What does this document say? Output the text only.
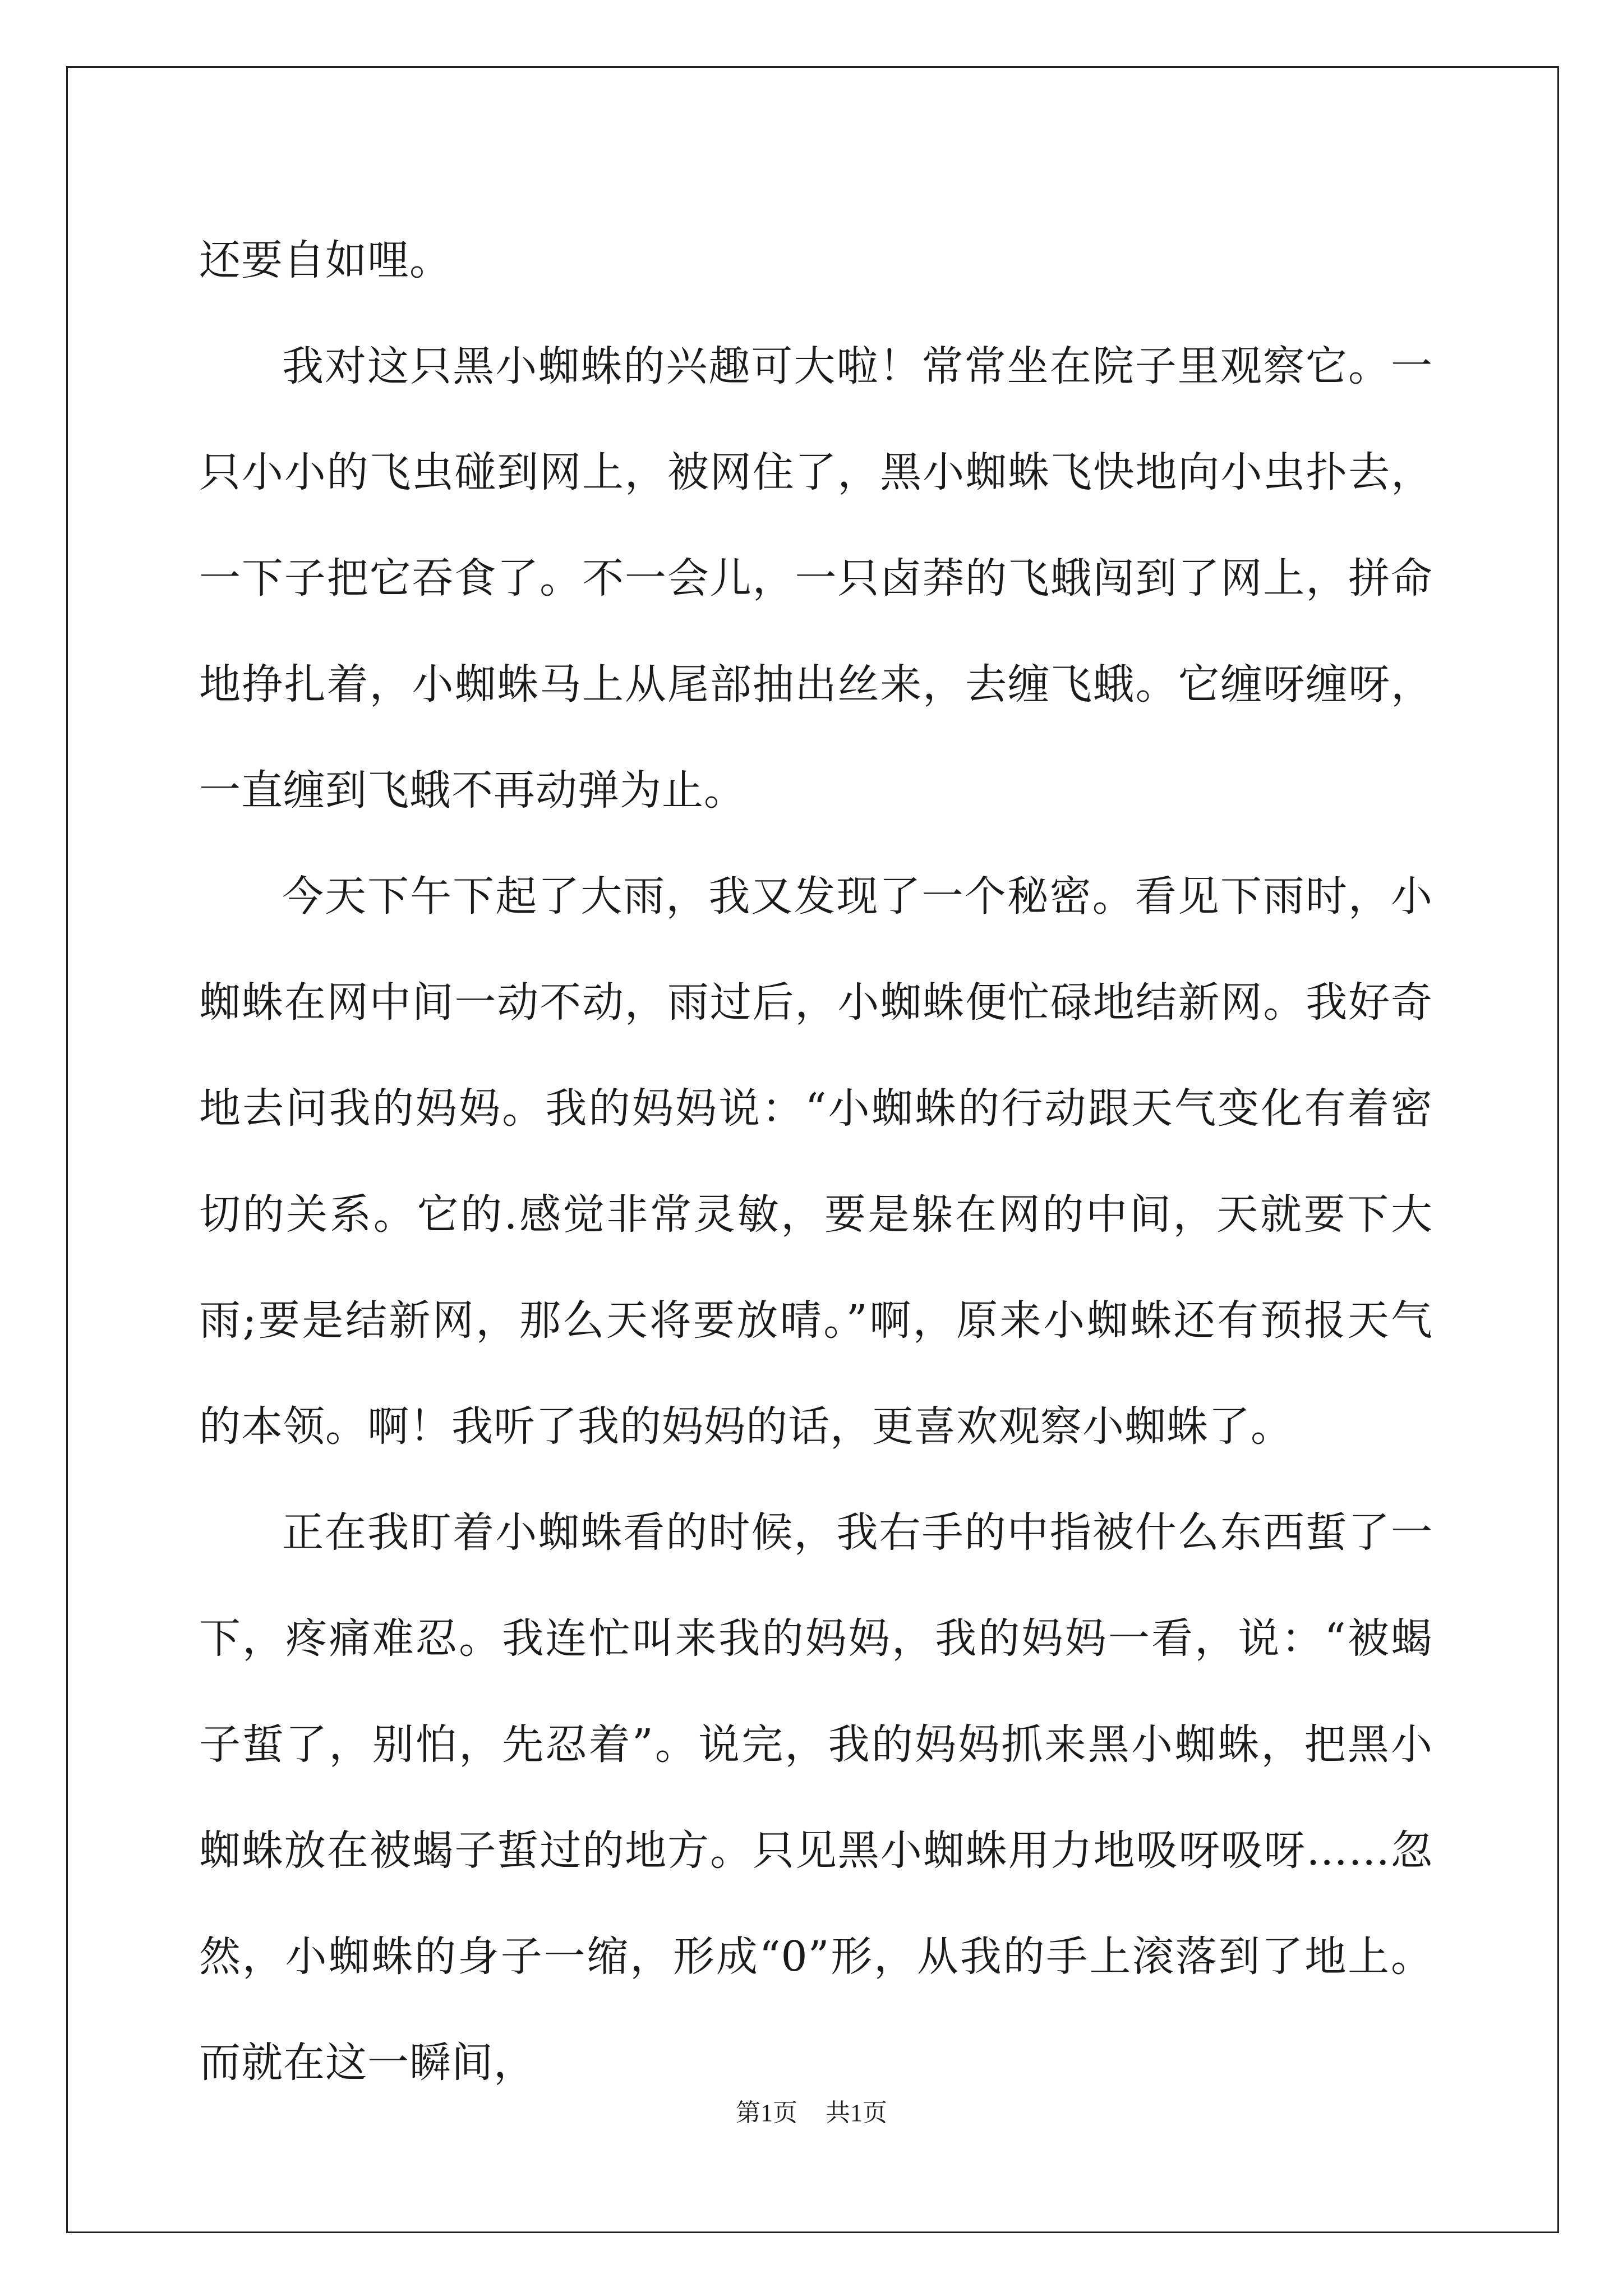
还要自如哩。

我对这只黑小蜘蛛的兴趣可大啦！常常坐在院子里观察它。一只小小的飞虫碰到网上，被网住了，黑小蜘蛛飞快地向小虫扑去，一下子把它吞食了。不一会儿，一只卤莽的飞蛾闯到了网上，拼命地挣扎着，小蜘蛛马上从尾部抽出丝来，去缠飞蛾。它缠呀缠呀，一直缠到飞蛾不再动弹为止。

今天下午下起了大雨，我又发现了一个秘密。看见下雨时，小蜘蛛在网中间一动不动，雨过后，小蜘蛛便忙碌地结新网。我好奇地去问我的妈妈。我的妈妈说：“小蜘蛛的行动跟天气变化有着密切的关系。它的.感觉非常灵敏，要是躲在网的中间，天就要下大雨;要是结新网，那么天将要放晴。”啊，原来小蜘蛛还有预报天气的本领。啊！我听了我的妈妈的话，更喜欢观察小蜘蛛了。

正在我盯着小蜘蛛看的时候，我右手的中指被什么东西蜇了一下，疼痛难忍。我连忙叫来我的妈妈，我的妈妈一看，说：“被蝎子蜇了，别怕，先忍着”。说完，我的妈妈抓来黑小蜘蛛，把黑小蜘蛛放在被蝎子蜇过的地方。只见黑小蜘蛛用力地吸呀吸呀……忽然，小蜘蛛的身子一缩，形成“0”形，从我的手上滚落到了地上。而就在这一瞬间，

第1页 共1页
